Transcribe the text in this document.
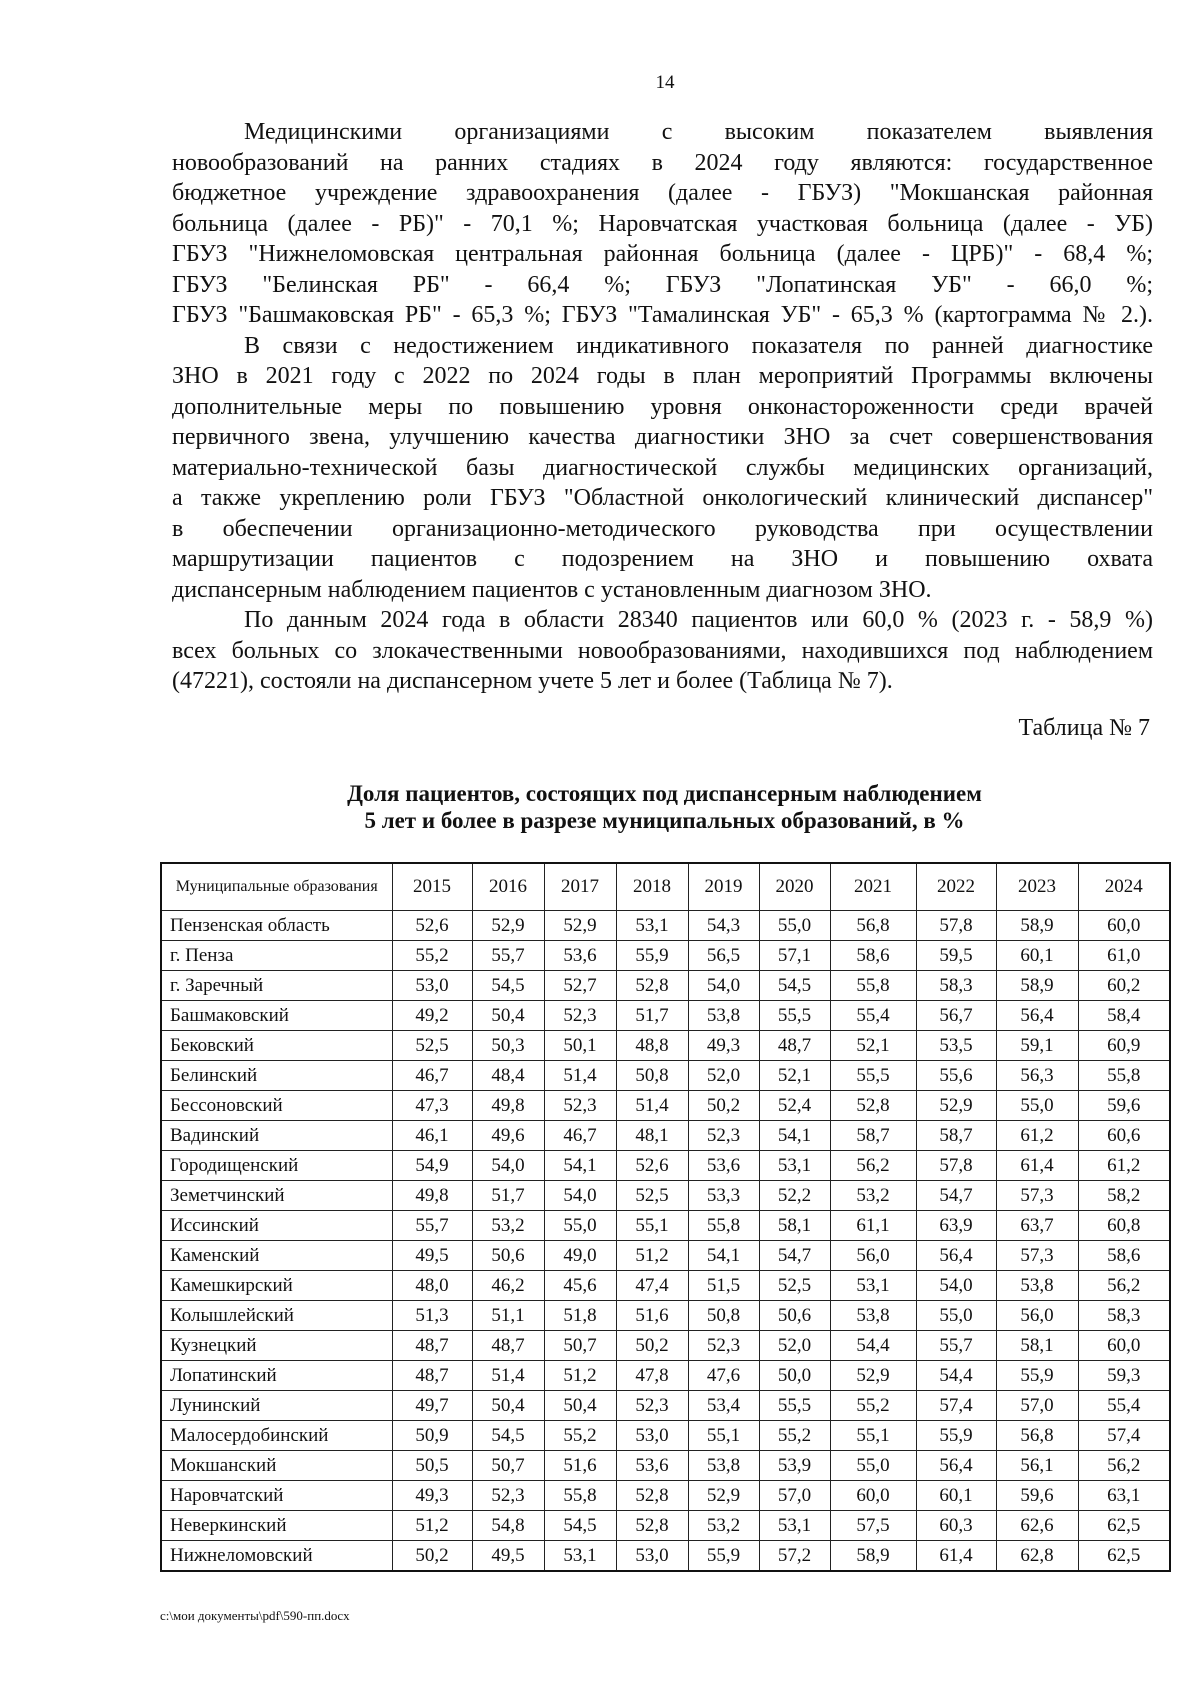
14
Медицинскими организациями с высоким показателем выявления
новообразований на ранних стадиях в 2024 году являются: государственное
бюджетное учреждение здравоохранения (далее - ГБУЗ) "Мокшанская районная
больница (далее - РБ)" - 70,1 %; Наровчатская участковая больница (далее - УБ)
ГБУЗ "Нижнеломовская центральная районная больница (далее - ЦРБ)" - 68,4 %;
ГБУЗ "Белинская РБ" - 66,4 %; ГБУЗ "Лопатинская УБ" - 66,0 %;
ГБУЗ "Башмаковская РБ" - 65,3 %; ГБУЗ "Тамалинская УБ" - 65,3 % (картограмма № 2.).
В связи с недостижением индикативного показателя по ранней диагностике
ЗНО в 2021 году с 2022 по 2024 годы в план мероприятий Программы включены
дополнительные меры по повышению уровня онконастороженности среди врачей
первичного звена, улучшению качества диагностики ЗНО за счет совершенствования
материально-технической базы диагностической службы медицинских организаций,
а также укреплению роли ГБУЗ "Областной онкологический клинический диспансер"
в обеспечении организационно-методического руководства при осуществлении
маршрутизации пациентов с подозрением на ЗНО и повышению охвата
диспансерным наблюдением пациентов с установленным диагнозом ЗНО.
По данным 2024 года в области 28340 пациентов или 60,0 % (2023 г. - 58,9 %)
всех больных со злокачественными новообразованиями, находившихся под наблюдением
(47221), состояли на диспансерном учете 5 лет и более (Таблица № 7).
Таблица № 7
Доля пациентов, состоящих под диспансерным наблюдением
5 лет и более в разрезе муниципальных образований, в %
Муниципальные образования	2015	2016	2017	2018	2019	2020	2021	2022	2023	2024
Пензенская область	52,6	52,9	52,9	53,1	54,3	55,0	56,8	57,8	58,9	60,0
г. Пенза	55,2	55,7	53,6	55,9	56,5	57,1	58,6	59,5	60,1	61,0
г. Заречный	53,0	54,5	52,7	52,8	54,0	54,5	55,8	58,3	58,9	60,2
Башмаковский	49,2	50,4	52,3	51,7	53,8	55,5	55,4	56,7	56,4	58,4
Бековский	52,5	50,3	50,1	48,8	49,3	48,7	52,1	53,5	59,1	60,9
Белинский	46,7	48,4	51,4	50,8	52,0	52,1	55,5	55,6	56,3	55,8
Бессоновский	47,3	49,8	52,3	51,4	50,2	52,4	52,8	52,9	55,0	59,6
Вадинский	46,1	49,6	46,7	48,1	52,3	54,1	58,7	58,7	61,2	60,6
Городищенский	54,9	54,0	54,1	52,6	53,6	53,1	56,2	57,8	61,4	61,2
Земетчинский	49,8	51,7	54,0	52,5	53,3	52,2	53,2	54,7	57,3	58,2
Иссинский	55,7	53,2	55,0	55,1	55,8	58,1	61,1	63,9	63,7	60,8
Каменский	49,5	50,6	49,0	51,2	54,1	54,7	56,0	56,4	57,3	58,6
Камешкирский	48,0	46,2	45,6	47,4	51,5	52,5	53,1	54,0	53,8	56,2
Колышлейский	51,3	51,1	51,8	51,6	50,8	50,6	53,8	55,0	56,0	58,3
Кузнецкий	48,7	48,7	50,7	50,2	52,3	52,0	54,4	55,7	58,1	60,0
Лопатинский	48,7	51,4	51,2	47,8	47,6	50,0	52,9	54,4	55,9	59,3
Лунинский	49,7	50,4	50,4	52,3	53,4	55,5	55,2	57,4	57,0	55,4
Малосердобинский	50,9	54,5	55,2	53,0	55,1	55,2	55,1	55,9	56,8	57,4
Мокшанский	50,5	50,7	51,6	53,6	53,8	53,9	55,0	56,4	56,1	56,2
Наровчатский	49,3	52,3	55,8	52,8	52,9	57,0	60,0	60,1	59,6	63,1
Неверкинский	51,2	54,8	54,5	52,8	53,2	53,1	57,5	60,3	62,6	62,5
Нижнеломовский	50,2	49,5	53,1	53,0	55,9	57,2	58,9	61,4	62,8	62,5
c:\мои документы\pdf\590-пп.docx
